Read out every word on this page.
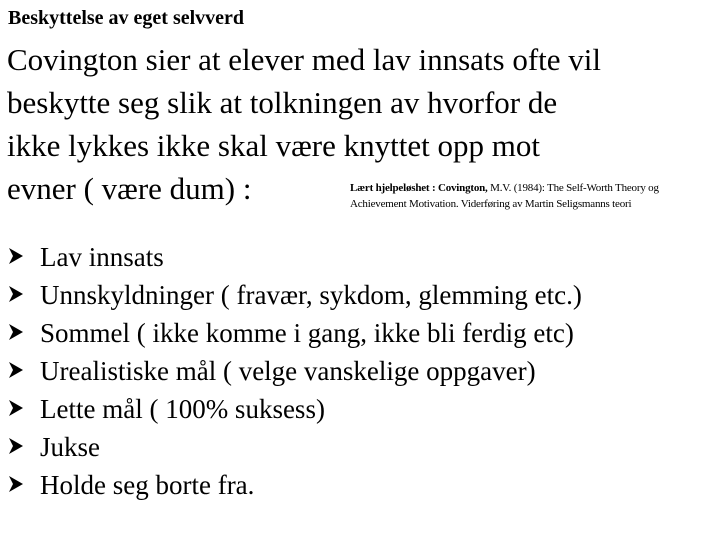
Beskyttelse av eget selvverd
Covington sier at elever med lav innsats ofte vil
beskytte seg slik at tolkningen av hvorfor de
ikke lykkes ikke skal være knyttet opp mot
evner ( være dum) :	Lært hjelpeløshet : Covington, M.V. (1984): The Self-Worth Theory og Achievement Motivation. Viderføring av Martin Seligsmanns teori
Lav innsats
Unnskyldninger ( fravær, sykdom, glemming etc.)
Sommel ( ikke komme i gang, ikke bli ferdig etc)
Urealistiske mål ( velge vanskelige oppgaver)
Lette mål ( 100% suksess)
Jukse
Holde seg borte fra.
